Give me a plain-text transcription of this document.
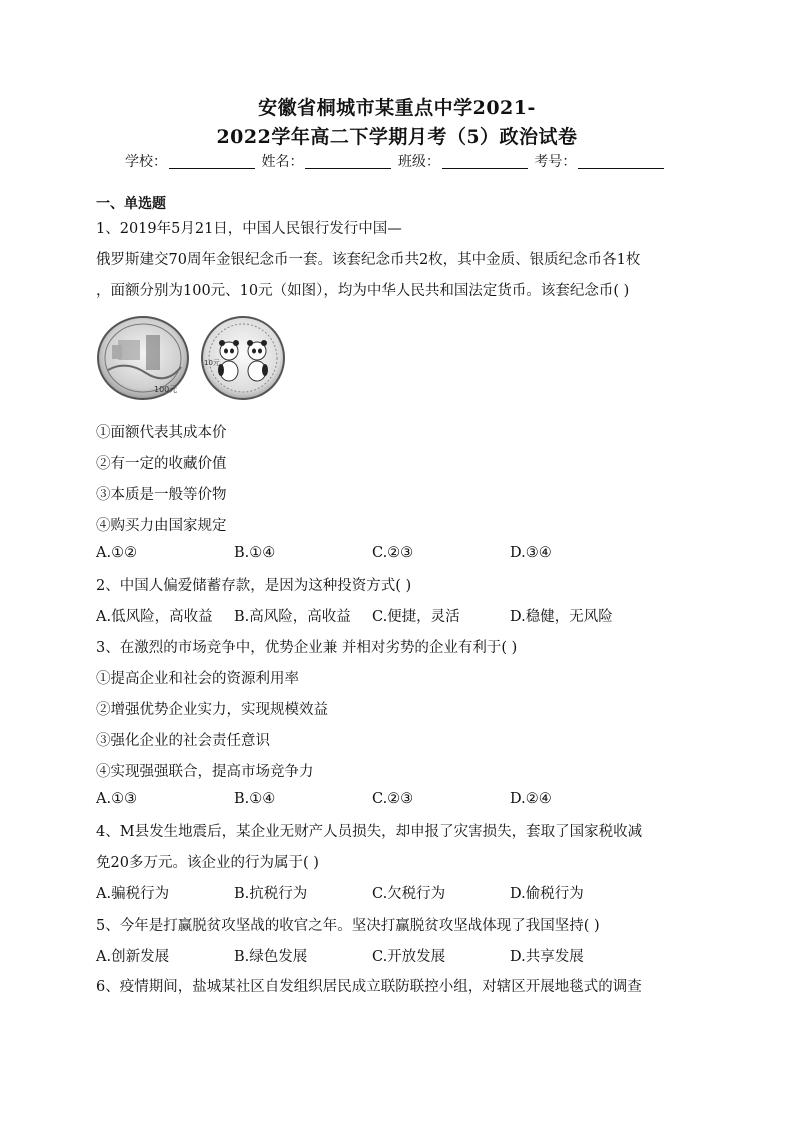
安徽省桐城市某重点中学2021-
2022学年高二下学期月考（5）政治试卷
学校：	姓名：	班级：	考号：
一、单选题
1、2019年5月21日，中国人民银行发行中国—
俄罗斯建交70周年金银纪念币一套。该套纪念币共2枚，其中金质、银质纪念币各1枚
，面额分别为100元、10元（如图），均为中华人民共和国法定货币。该套纪念币( )
100元
10元
①面额代表其成本价
②有一定的收藏价值
③本质是一般等价物
④购买力由国家规定
A.①②	B.①④	C.②③	D.③④
2、中国人偏爱储蓄存款，是因为这种投资方式( )
A.低风险，高收益 B.高风险，高收益 C.便捷，灵活	D.稳健，无风险
3、在激烈的市场竞争中，优势企业兼 并相对劣势的企业有利于( )
①提高企业和社会的资源利用率
②增强优势企业实力，实现规模效益
③强化企业的社会责任意识
④实现强强联合，提高市场竞争力
A.①③	B.①④	C.②③	D.②④
4、M县发生地震后，某企业无财产人员损失，却申报了灾害损失，套取了国家税收减
免20多万元。该企业的行为属于( )
A.骗税行为	B.抗税行为	C.欠税行为	D.偷税行为
5、今年是打赢脱贫攻坚战的收官之年。坚决打赢脱贫攻坚战体现了我国坚持( )
A.创新发展	B.绿色发展	C.开放发展	D.共享发展
6、疫情期间，盐城某社区自发组织居民成立联防联控小组，对辖区开展地毯式的调查
